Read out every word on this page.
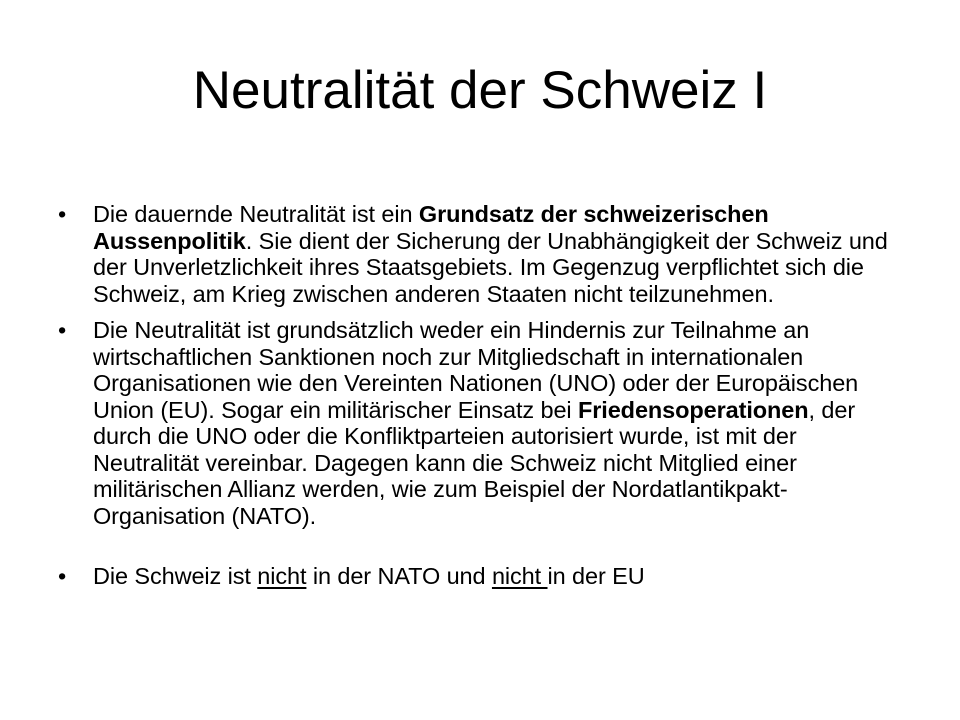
Neutralität der Schweiz I
• Die dauernde Neutralität ist ein Grundsatz der schweizerischen Aussenpolitik. Sie dient der Sicherung der Unabhängigkeit der Schweiz und der Unverletzlichkeit ihres Staatsgebiets. Im Gegenzug verpflichtet sich die Schweiz, am Krieg zwischen anderen Staaten nicht teilzunehmen.
• Die Neutralität ist grundsätzlich weder ein Hindernis zur Teilnahme an wirtschaftlichen Sanktionen noch zur Mitgliedschaft in internationalen Organisationen wie den Vereinten Nationen (UNO) oder der Europäischen Union (EU). Sogar ein militärischer Einsatz bei Friedensoperationen, der durch die UNO oder die Konfliktparteien autorisiert wurde, ist mit der Neutralität vereinbar. Dagegen kann die Schweiz nicht Mitglied einer militärischen Allianz werden, wie zum Beispiel der Nordatlantikpakt-Organisation (NATO).
• Die Schweiz ist nicht in der NATO und nicht in der EU
